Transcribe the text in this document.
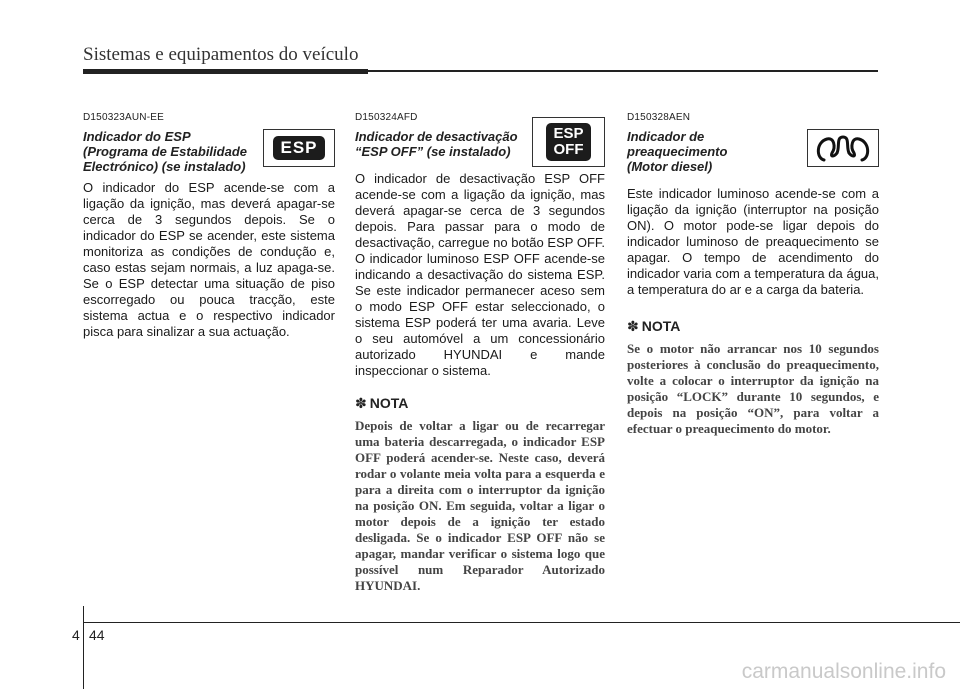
Sistemas e equipamentos do veículo
D150323AUN-EE
Indicador do ESP
(Programa de Estabilidade
Electrónico) (se instalado)
ESP
O indicador do ESP acende-se com a ligação da ignição, mas deverá apagar-se cerca de 3 segundos depois. Se o indicador do ESP se acender, este sistema monitoriza as condições de condução e, caso estas sejam normais, a luz apaga-se. Se o ESP detectar uma situação de piso escorregado ou pouca tracção, este sistema actua e o respectivo indicador pisca para sinalizar a sua actuação.
D150324AFD
Indicador de desactivação
“ESP OFF” (se instalado)
ESP
OFF
O indicador de desactivação ESP OFF acende-se com a ligação da ignição, mas deverá apagar-se cerca de 3 segundos depois. Para passar para o modo de desactivação, carregue no botão ESP OFF. O indicador luminoso ESP OFF acende-se indicando a desactivação do sistema ESP. Se este indicador permanecer aceso sem o modo ESP OFF estar seleccionado, o sistema ESP poderá ter uma avaria. Leve o seu automóvel a um concessionário autorizado HYUNDAI e mande inspeccionar o sistema.
✽ NOTA
Depois de voltar a ligar ou de recarregar uma bateria descarregada, o indicador ESP OFF poderá acender-se. Neste caso, deverá rodar o volante meia volta para a esquerda e para a direita com o interruptor da ignição na posição ON. Em seguida, voltar a ligar o motor depois de a ignição ter estado desligada. Se o indicador ESP OFF não se apagar, mandar verificar o sistema logo que possível num Reparador Autorizado HYUNDAI.
D150328AEN
Indicador de
preaquecimento
(Motor diesel)
Este indicador luminoso acende-se com a ligação da ignição (interruptor na posição ON). O motor pode-se ligar depois do indicador luminoso de preaquecimento se apagar. O tempo de acendimento do indicador varia com a temperatura da água, a temperatura do ar e a carga da bateria.
✽ NOTA
Se o motor não arrancar nos 10 segundos posteriores à conclusão do preaquecimento, volte a colocar o interruptor da ignição na posição “LOCK” durante 10 segundos, e depois na posição “ON”, para voltar a efectuar o preaquecimento do motor.
4 44
carmanualsonline.info
